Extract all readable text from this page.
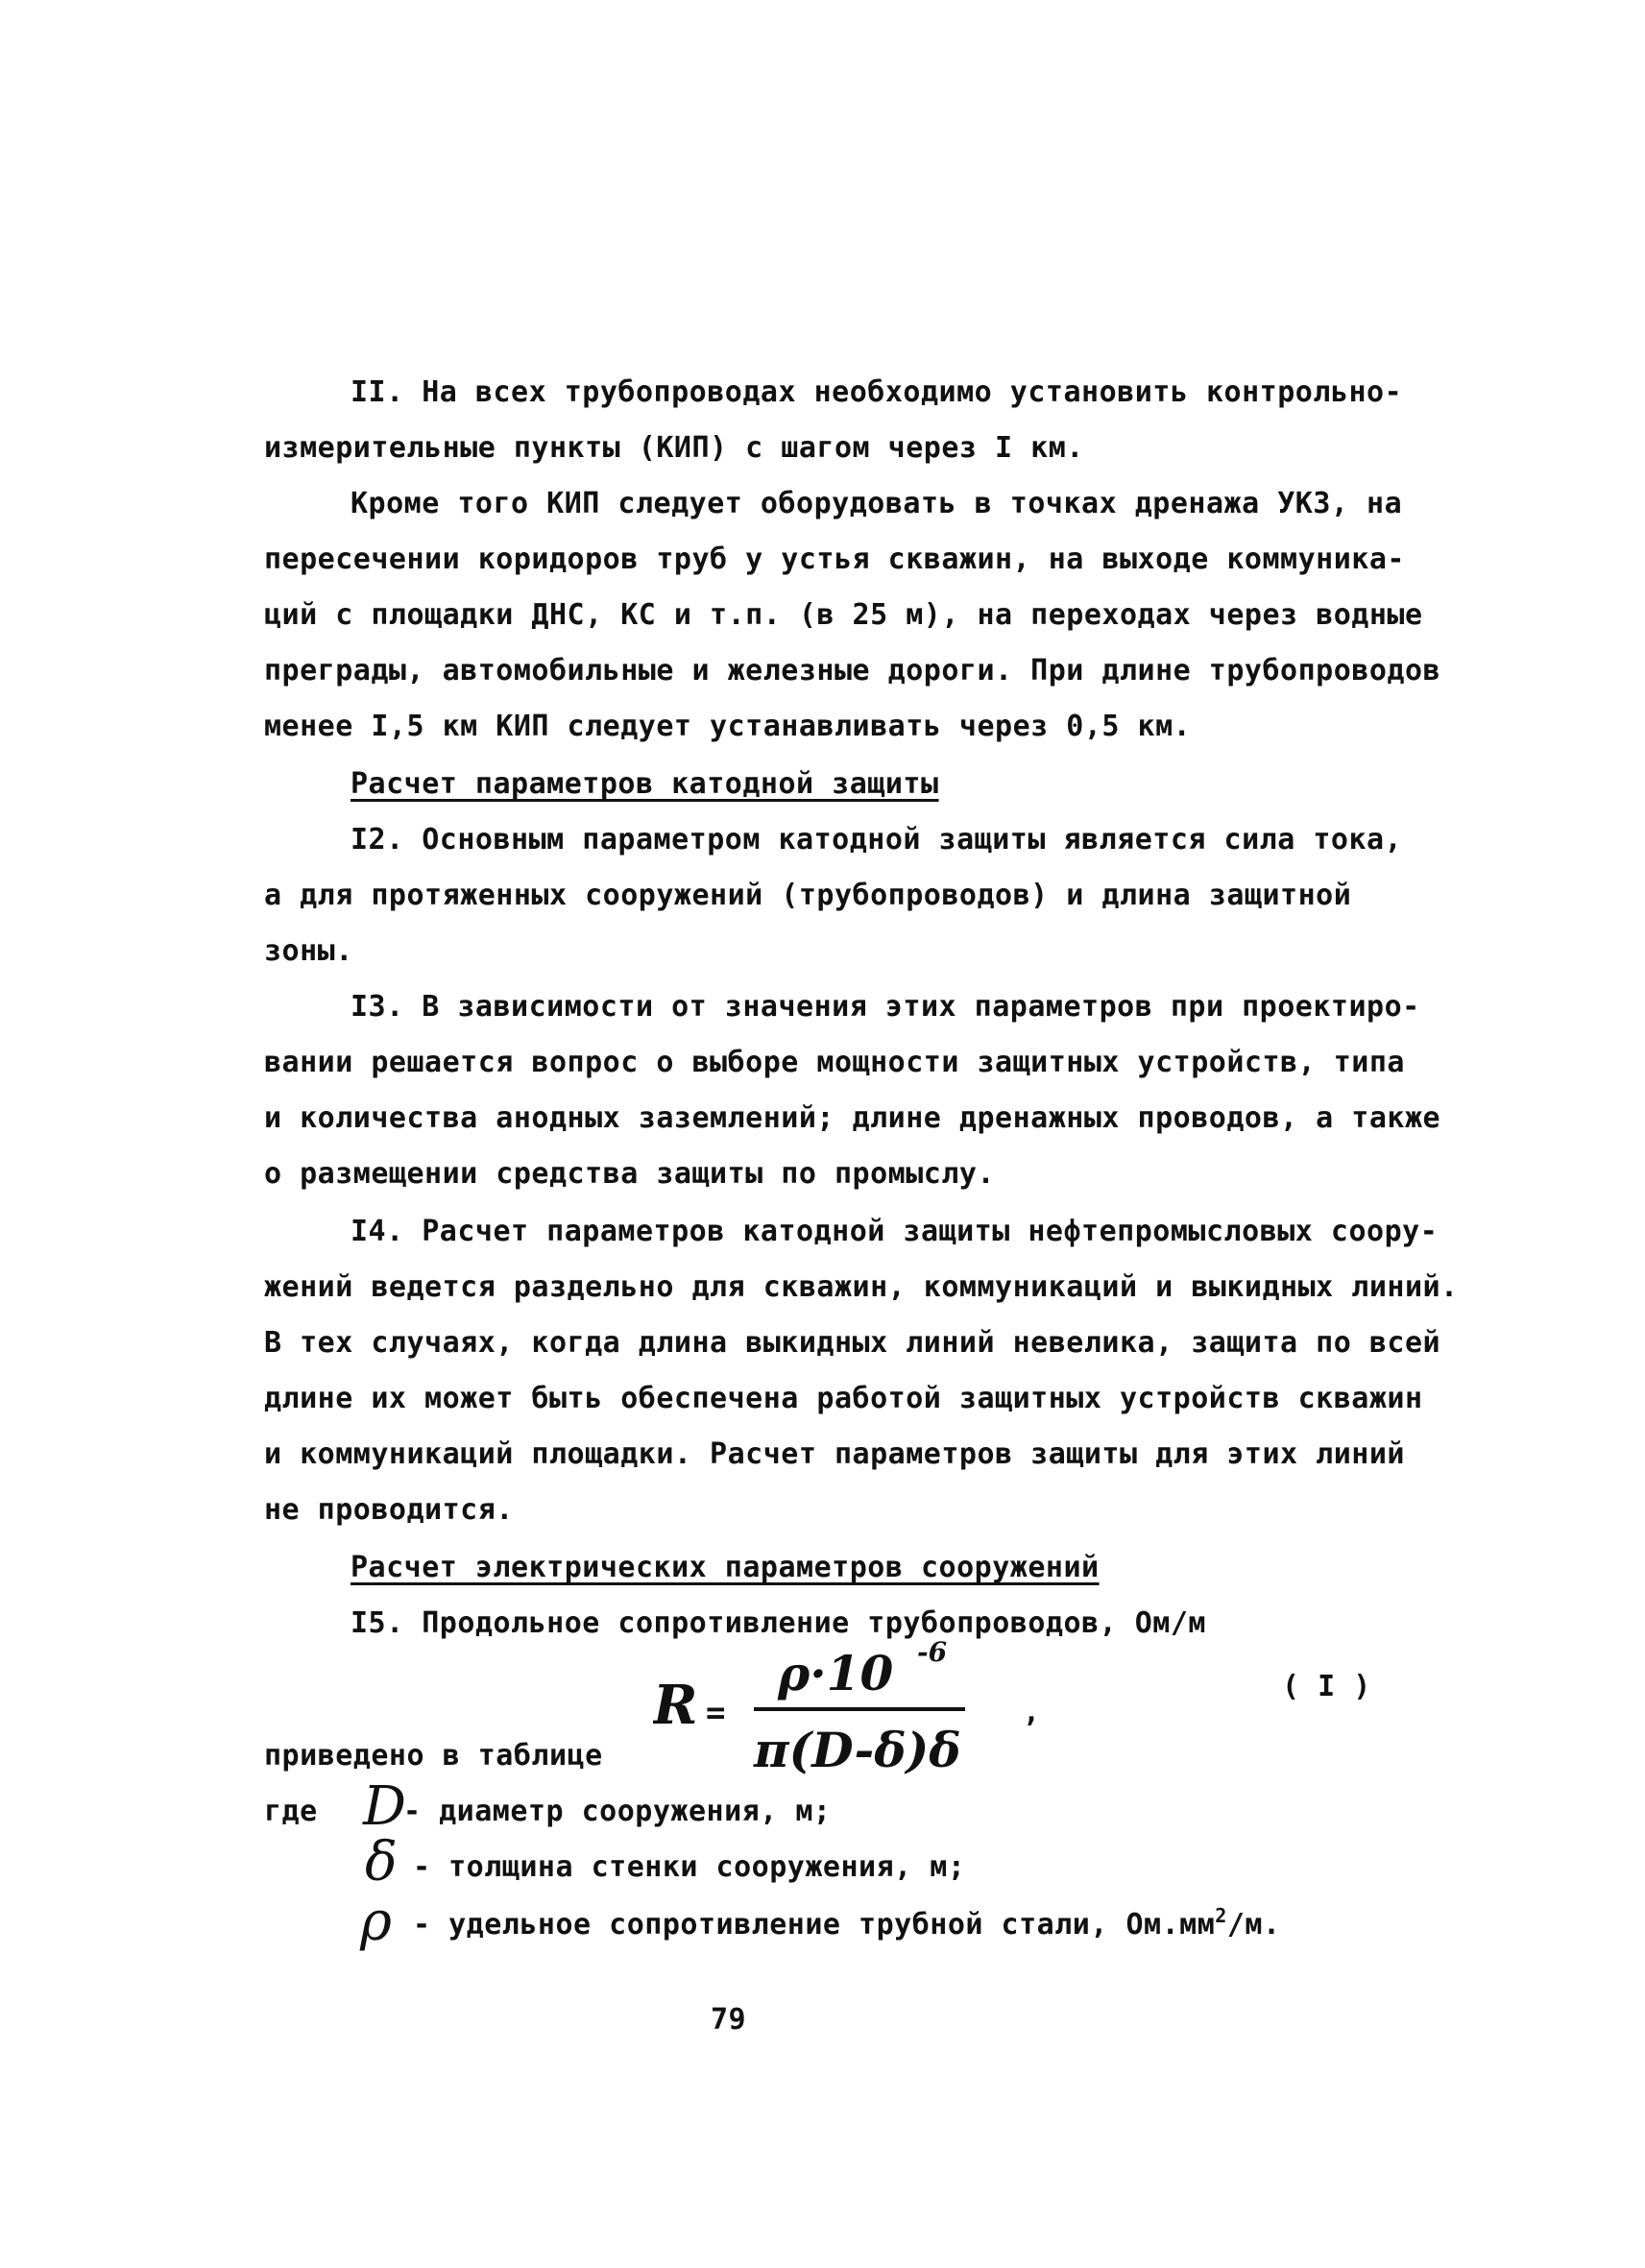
II. На всех трубопроводах необходимо установить контрольно-
измерительные пункты (КИП) с шагом через I км.
Кроме того КИП следует оборудовать в точках дренажа УКЗ, на
пересечении коридоров труб у устья скважин, на выходе коммуника-
ций с площадки ДНС, КС и т.п. (в 25 м), на переходах через водные
преграды, автомобильные и железные дороги. При длине трубопроводов
менее I,5 км КИП следует устанавливать через 0,5 км.
Расчет параметров катодной защиты
I2. Основным параметром катодной защиты является сила тока,
а для протяженных сооружений (трубопроводов) и длина защитной
зоны.
I3. В зависимости от значения этих параметров при проектиро-
вании решается вопрос о выборе мощности защитных устройств, типа
и количества анодных заземлений; длине дренажных проводов, а также
о размещении средства защиты по промыслу.
I4. Расчет параметров катодной защиты нефтепромысловых соору-
жений ведется раздельно для скважин, коммуникаций и выкидных линий.
В тех случаях, когда длина выкидных линий невелика, защита по всей
длине их может быть обеспечена работой защитных устройств скважин
и коммуникаций площадки. Расчет параметров защиты для этих линий
не проводится.
Расчет электрических параметров сооружений
I5. Продольное сопротивление трубопроводов, Ом/м
R =
ρ·10 -6
π(D-δ)δ
,
( I )
приведено в таблице
где D
- диаметр сооружения, м;
δ - толщина стенки сооружения, м;
ρ - удельное сопротивление трубной стали, $Ом.мм^2/м$.
79
